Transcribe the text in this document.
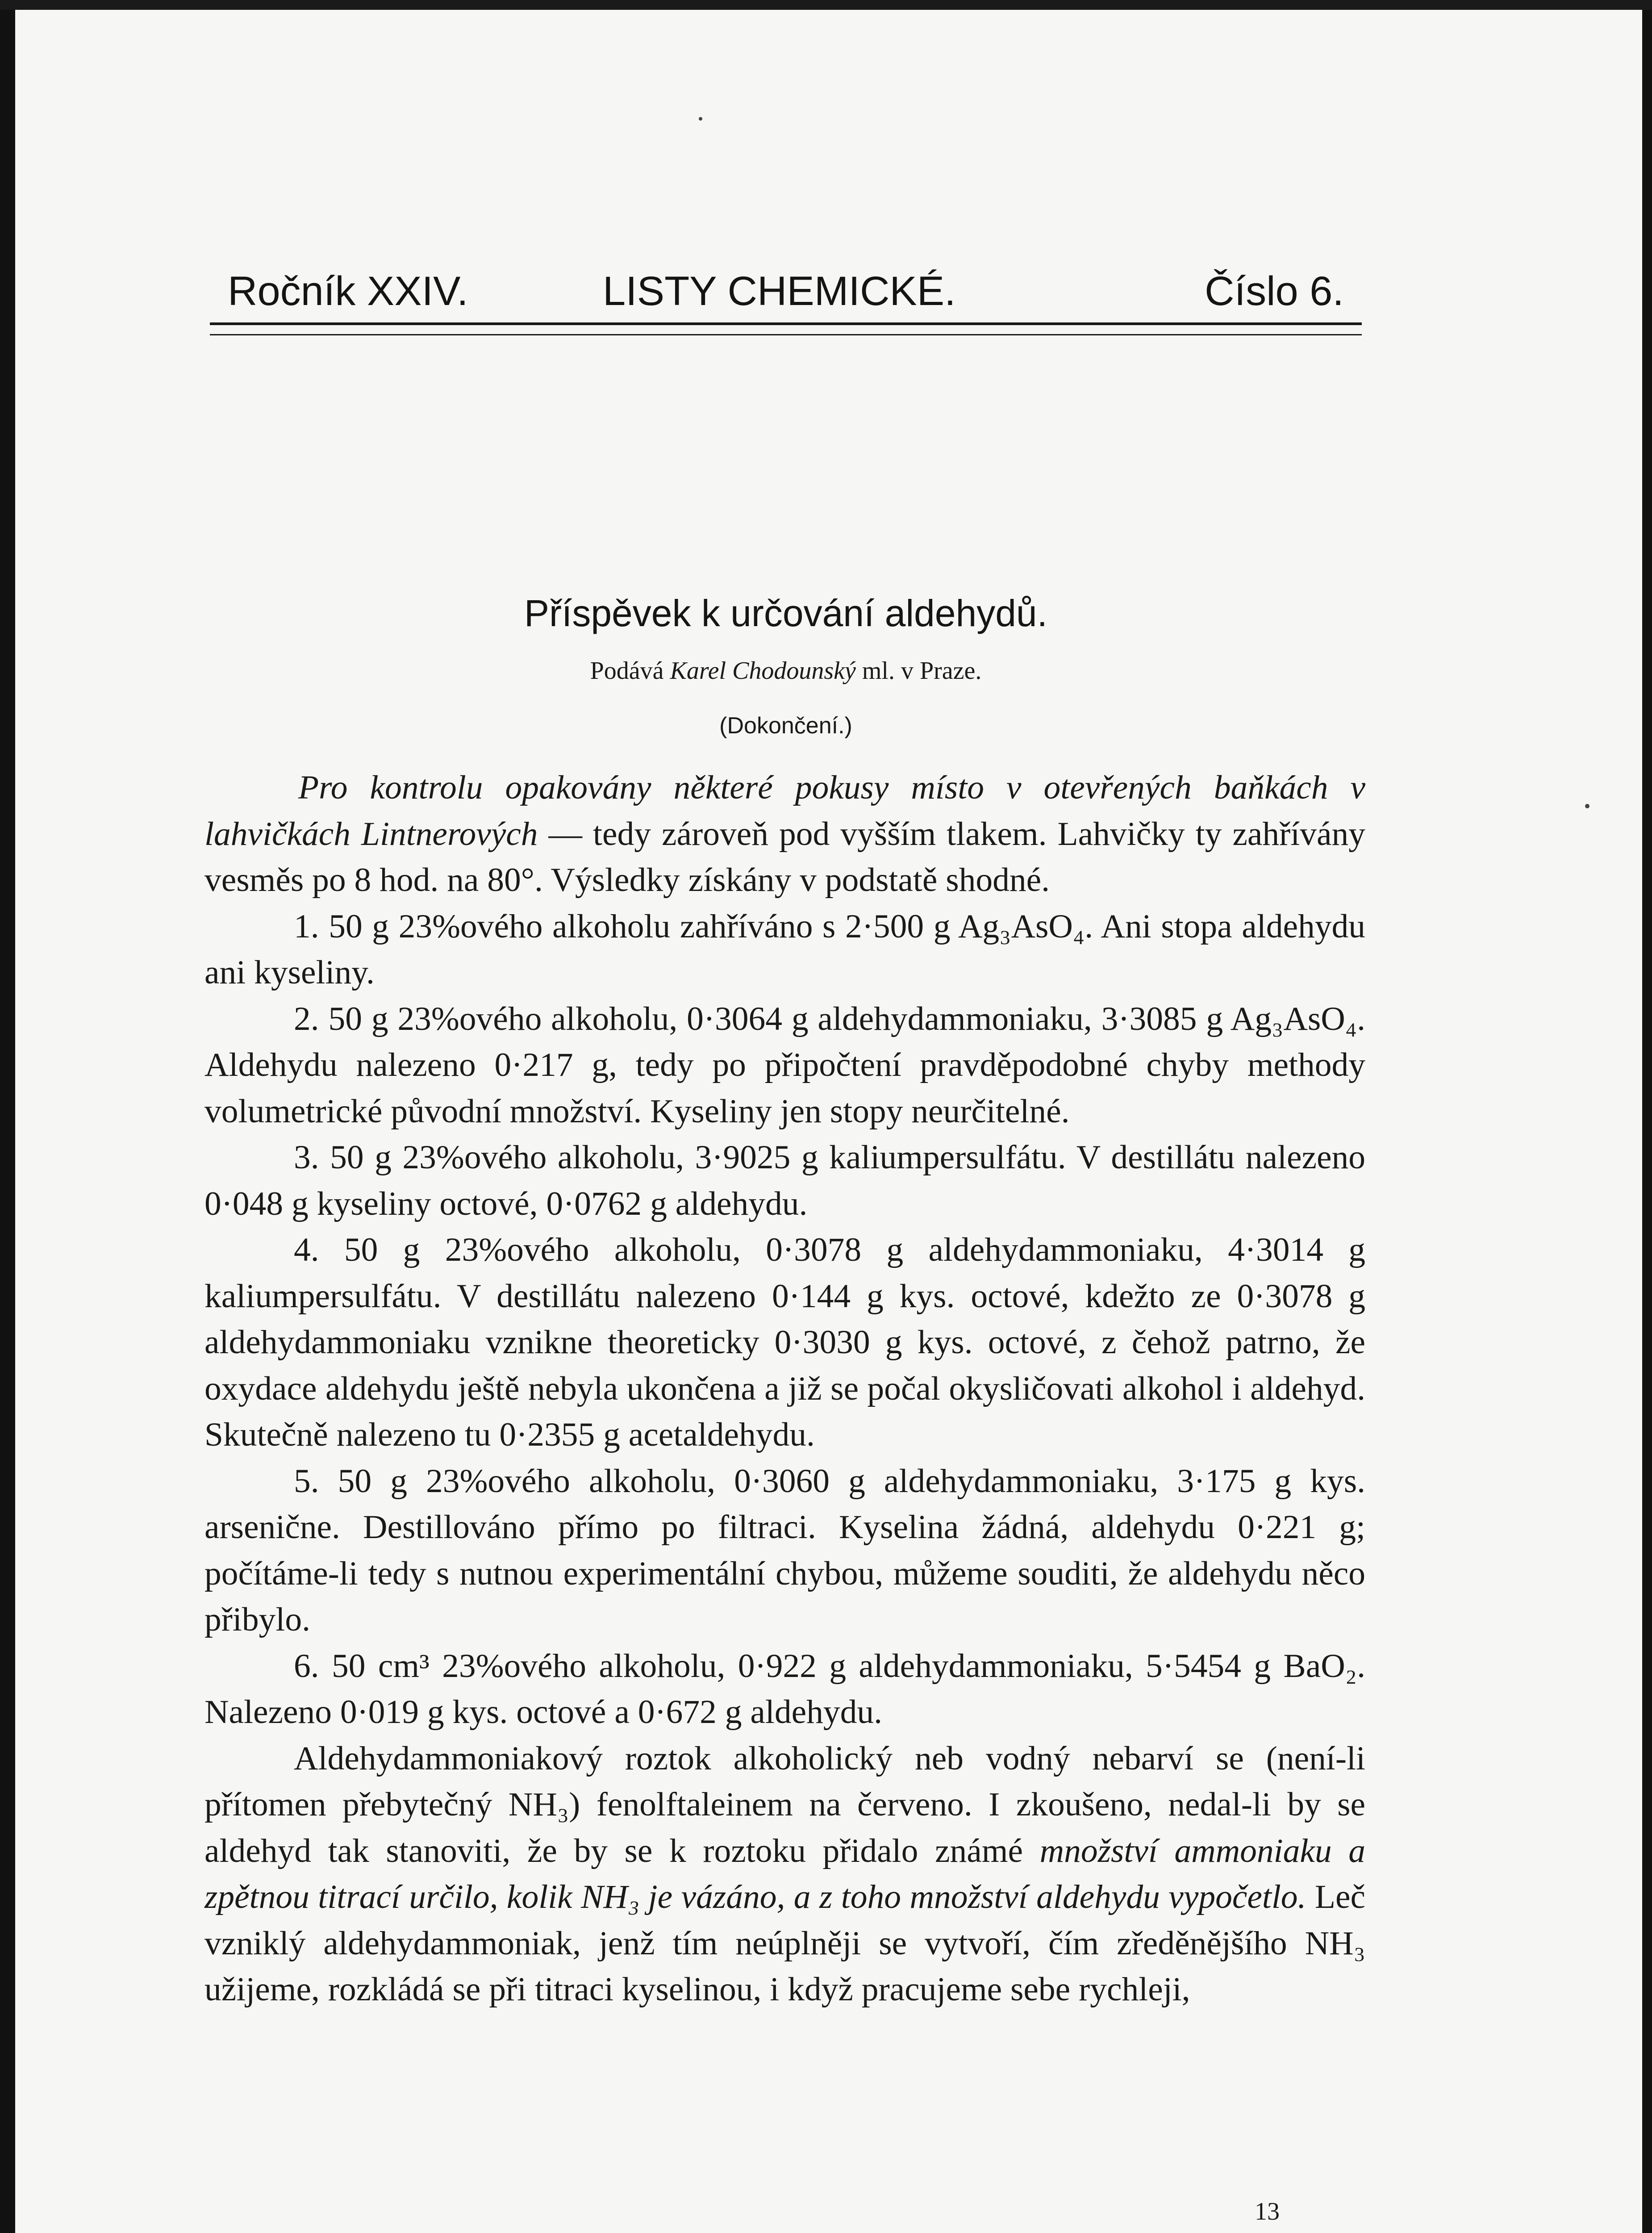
Ročník XXIV.	LISTY CHEMICKÉ.	Číslo 6.
Příspěvek k určování aldehydů.
Podává Karel Chodounský ml. v Praze.
(Dokončení.)

Pro kontrolu opakovány některé pokusy místo v otevřených baňkách v lahvičkách Lintnerových — tedy zároveň pod vyšším tlakem. Lahvičky ty zahřívány vesměs po 8 hod. na 80°. Výsledky získány v podstatě shodné.

1. 50 g 23%ového alkoholu zahříváno s 2·500 g Ag₃AsO₄. Ani stopa aldehydu ani kyseliny.

2. 50 g 23%ového alkoholu, 0·3064 g aldehydammoniaku, 3·3085 g Ag₃AsO₄. Aldehydu nalezeno 0·217 g, tedy po připočtení pravděpodobné chyby methody volumetrické původní množství. Kyseliny jen stopy neurčitelné.

3. 50 g 23%ového alkoholu, 3·9025 g kaliumpersulfátu. V destillátu nalezeno 0·048 g kyseliny octové, 0·0762 g aldehydu.

4. 50 g 23%ového alkoholu, 0·3078 g aldehydammoniaku, 4·3014 g kaliumpersulfátu. V destillátu nalezeno 0·144 g kys. octové, kdežto ze 0·3078 g aldehydammoniaku vznikne theoreticky 0·3030 g kys. octové, z čehož patrno, že oxydace aldehydu ještě nebyla ukončena a již se počal okysličovati alkohol i aldehyd. Skutečně nalezeno tu 0·2355 g acetaldehydu.

5. 50 g 23%ového alkoholu, 0·3060 g aldehydammoniaku, 3·175 g kys. arsenične. Destillováno přímo po filtraci. Kyselina žádná, aldehydu 0·221 g; počítáme-li tedy s nutnou experimentální chybou, můžeme souditi, že aldehydu něco přibylo.

6. 50 cm³ 23%ového alkoholu, 0·922 g aldehydammoniaku, 5·5454 g BaO₂. Nalezeno 0·019 g kys. octové a 0·672 g aldehydu.

Aldehydammoniakový roztok alkoholický neb vodný nebarví se (není-li přítomen přebytečný NH₃) fenolftaleinem na červeno. I zkoušeno, nedal-li by se aldehyd tak stanoviti, že by se k roztoku přidalo známé množství ammoniaku a zpětnou titrací určilo, kolik NH₃ je vázáno, a z toho množství aldehydu vypočetlo. Leč vzniklý aldehydammoniak, jenž tím neúplněji se vytvoří, čím zředěnějšího NH₃ užijeme, rozkládá se při titraci kyselinou, i když pracujeme sebe rychleji,

13
